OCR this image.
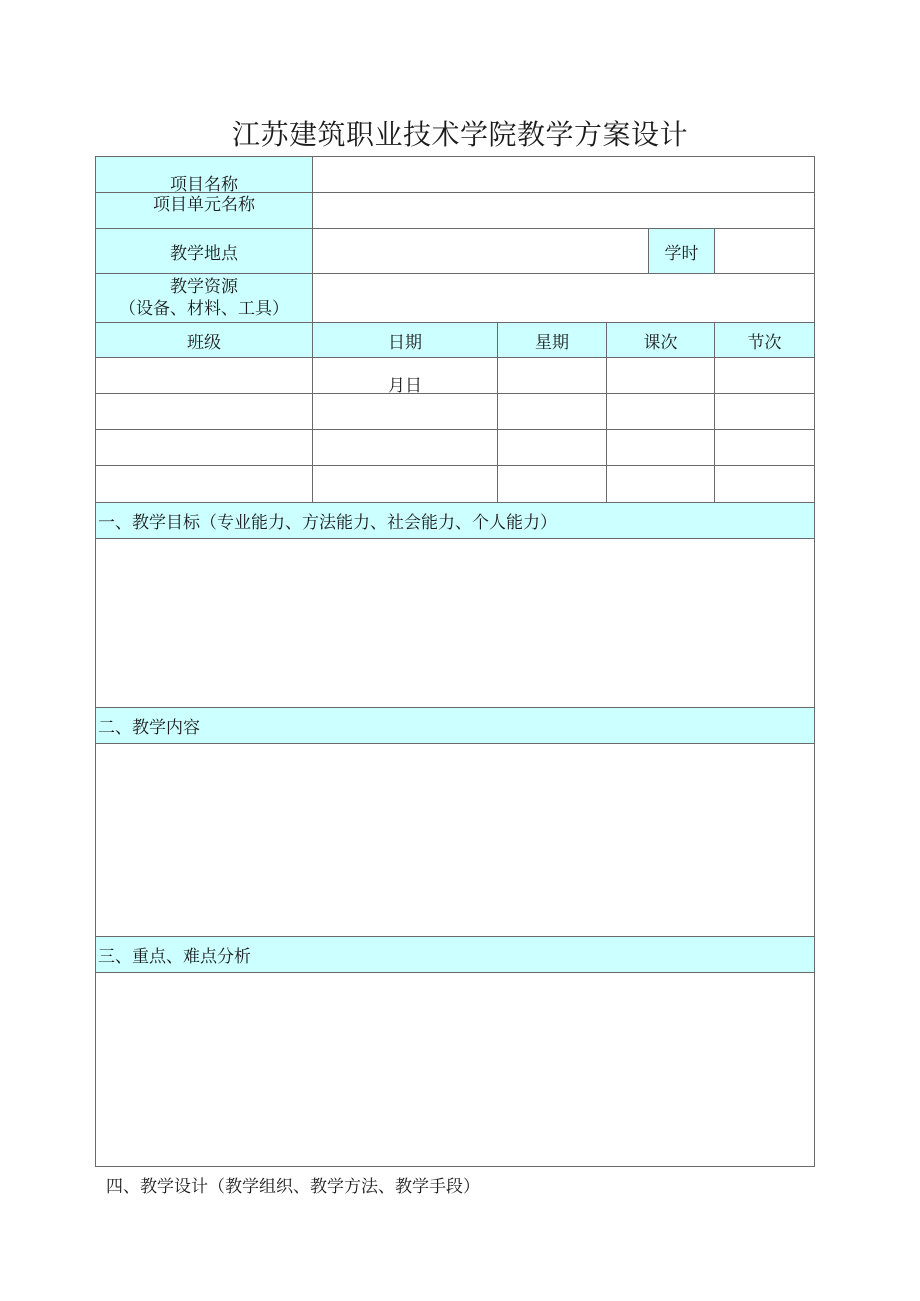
江苏建筑职业技术学院教学方案设计
项目名称					
项目单元名称					
教学地点				学时	

教学资源
（设备、材料、工具）					

班级	日期	星期	课次		节次
	月日				

一、教学目标（专业能力、方法能力、社会能力、个人能力）					

二、教学内容					

三、重点、难点分析					

四、教学设计（教学组织、教学方法、教学手段）
